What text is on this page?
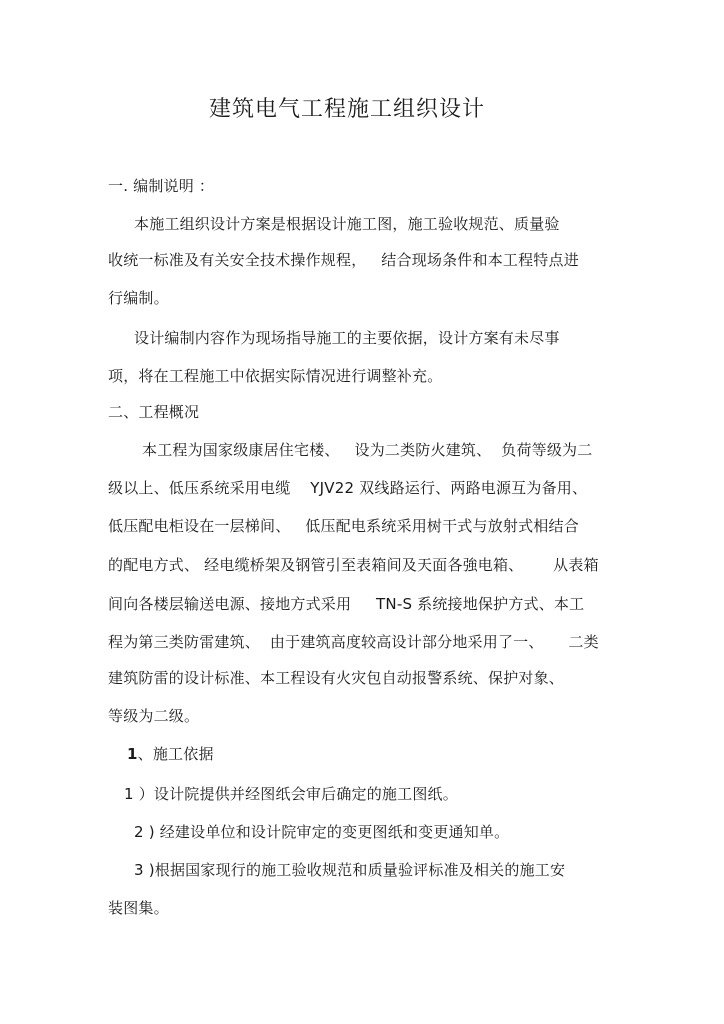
建筑电气工程施工组织设计
一. 编制说明 ：
本施工组织设计方案是根据设计施工图，施工验收规范、质量验
收统一标准及有关安全技术操作规程，   结合现场条件和本工程特点进
行编制。
设计编制内容作为现场指导施工的主要依据，设计方案有未尽事
项，将在工程施工中依据实际情况进行调整补充。
二、工程概况
本工程为国家级康居住宅楼、   设为二类防火建筑、  负荷等级为二
级以上、低压系统采用电缆    YJV22 双线路运行、两路电源互为备用、
低压配电柜设在一层梯间、   低压配电系统采用树干式与放射式相结合
的配电方式、 经电缆桥架及钢管引至表箱间及天面各強电箱、      从表箱
间向各楼层输送电源、接地方式采用     TN-S 系统接地保护方式、本工
程为第三类防雷建筑、  由于建筑高度较高设计部分地采用了一、     二类
建筑防雷的设计标准、本工程设有火灾包自动报警系统、保护对象、
等级为二级。
1、施工依据
1 ）设计院提供并经图纸会审后确定的施工图纸。
2 ) 经建设单位和设计院审定的变更图纸和变更通知单。
3 )根据国家现行的施工验收规范和质量验评标准及相关的施工安
装图集。
